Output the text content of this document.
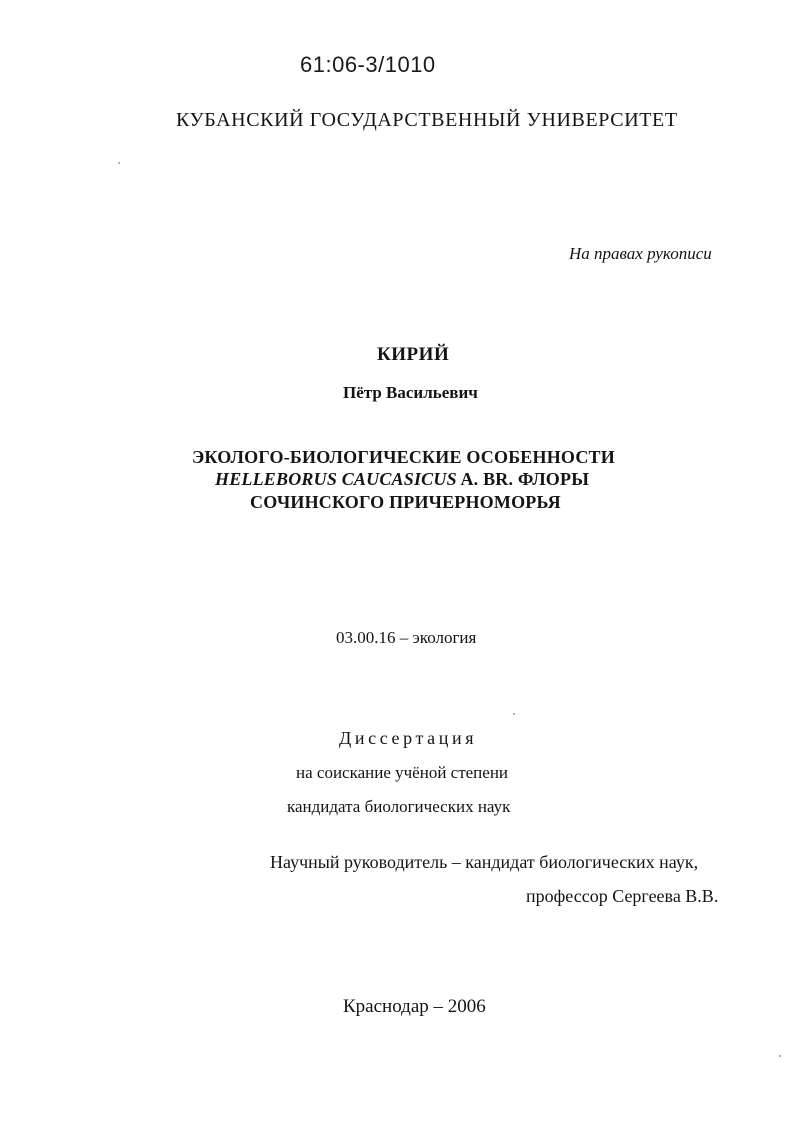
61:06-3/1010
КУБАНСКИЙ ГОСУДАРСТВЕННЫЙ УНИВЕРСИТЕТ
На правах рукописи
КИРИЙ
Пётр Васильевич
ЭКОЛОГО-БИОЛОГИЧЕСКИЕ ОСОБЕННОСТИ
HELLEBORUS CAUCASICUS A. BR. ФЛОРЫ
СОЧИНСКОГО ПРИЧЕРНОМОРЬЯ
03.00.16 – экология
Диссертация
на соискание учёной степени
кандидата биологических наук
Научный руководитель – кандидат биологических наук,
профессор Сергеева В.В.
Краснодар – 2006
